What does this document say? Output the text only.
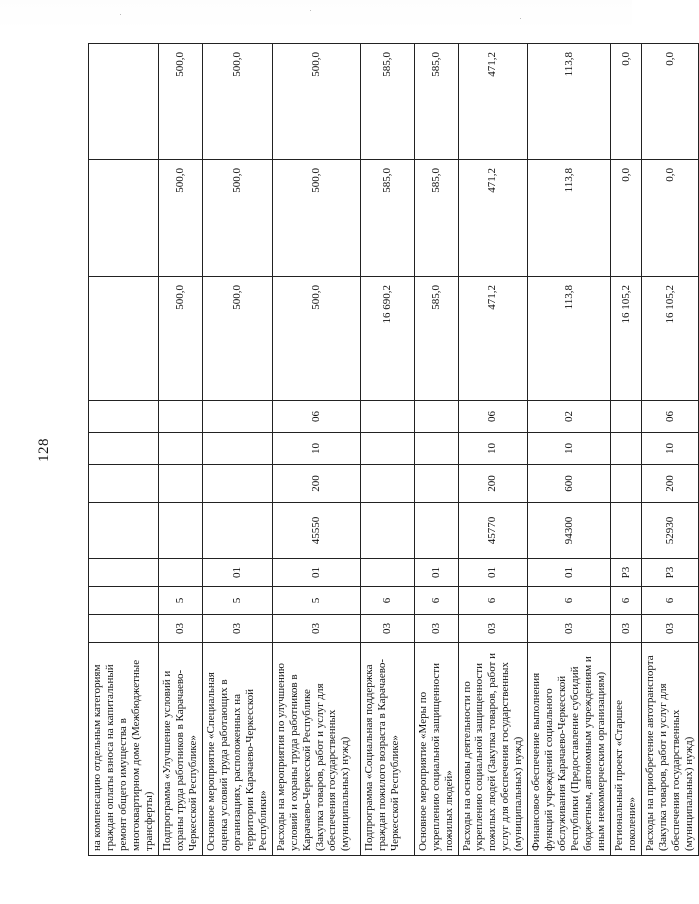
128
на компенсацию отдельным категориям граждан оплаты взноса на капитальный ремонт общего имущества в многоквартирном доме (Межбюджетные трансферты)										
Подпрограмма «Улучшение условий и охраны труда работников в Карачаево-Черкесской Республике»	03	5						500,0	500,0	500,0
Основное мероприятие «Специальная оценка условий труда работающих в организациях, расположенных на территории Карачаево-Черкесской Республики»	03	5	01					500,0	500,0	500,0
Расходы на мероприятия по улучшению условий и охраны труда работников в Карачаево-Черкесской Республике (Закупка товаров, работ и услуг для обеспечения государственных (муниципальных) нужд)	03	5	01	45550	200	10	06	500,0	500,0	500,0
Подпрограмма «Социальная поддержка граждан пожилого возраста в Карачаево-Черкесской Республике»	03	6						16 690,2	585,0	585,0
Основное мероприятие «Меры по укреплению социальной защищенности пожилых людей»	03	6	01					585,0	585,0	585,0
Расходы на основы деятельности по укреплению социальной защищенности пожилых людей (Закупка товаров, работ и услуг для обеспечения государственных (муниципальных) нужд)	03	6	01	45770	200	10	06	471,2	471,2	471,2
Финансовое обеспечение выполнения функций учреждений социального обслуживания Карачаево-Черкесской Республики (Предоставление субсидий бюджетным, автономным учреждениям и иным некоммерческим организациям)	03	6	01	94300	600	10	02	113,8	113,8	113,8
Региональный проект «Старшее поколение»	03	6	P3					16 105,2	0,0	0,0
Расходы на приобретение автотранспорта (Закупка товаров, работ и услуг для обеспечения государственных (муниципальных) нужд)	03	6	P3	52930	200	10	06	16 105,2	0,0	0,0
